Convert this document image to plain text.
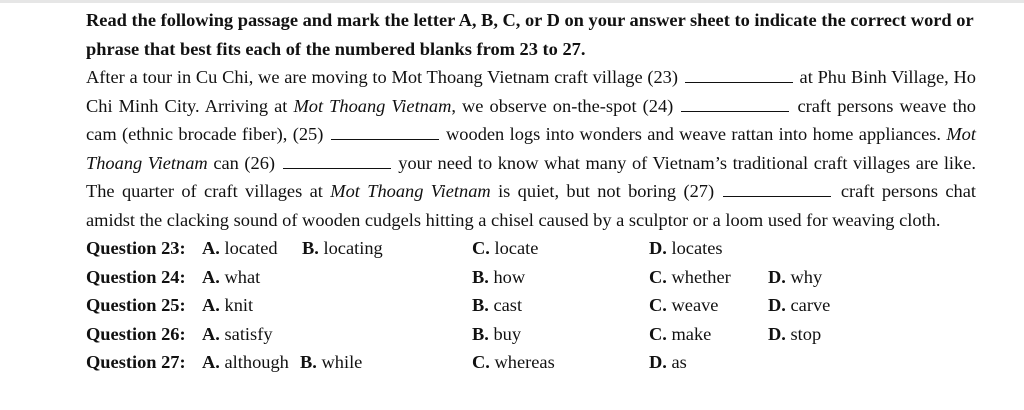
Read the following passage and mark the letter A, B, C, or D on your answer sheet to indicate the correct word or phrase that best fits each of the numbered blanks from 23 to 27.
After a tour in Cu Chi, we are moving to Mot Thoang Vietnam craft village (23)	at Phu Binh Village, Ho Chi Minh City. Arriving at Mot Thoang Vietnam, we observe on-the-spot (24)	craft persons weave tho cam (ethnic brocade fiber), (25)	wooden logs into wonders and weave rattan into home appliances. Mot Thoang Vietnam can (26)	your need to know what many of Vietnam’s traditional craft villages are like. The quarter of craft villages at Mot Thoang Vietnam is quiet, but not boring (27)	craft persons chat amidst the clacking sound of wooden cudgels hitting a chisel caused by a sculptor or a loom used for weaving cloth.
Question 23: A. located B. locating	C. locate	D. locates
Question 24: A. what	B. how	C. whether D. why
Question 25: A. knit	B. cast	C. weave	D. carve
Question 26: A. satisfy	B. buy	C. make	D. stop
Question 27: A. although B. while	C. whereas	D. as
